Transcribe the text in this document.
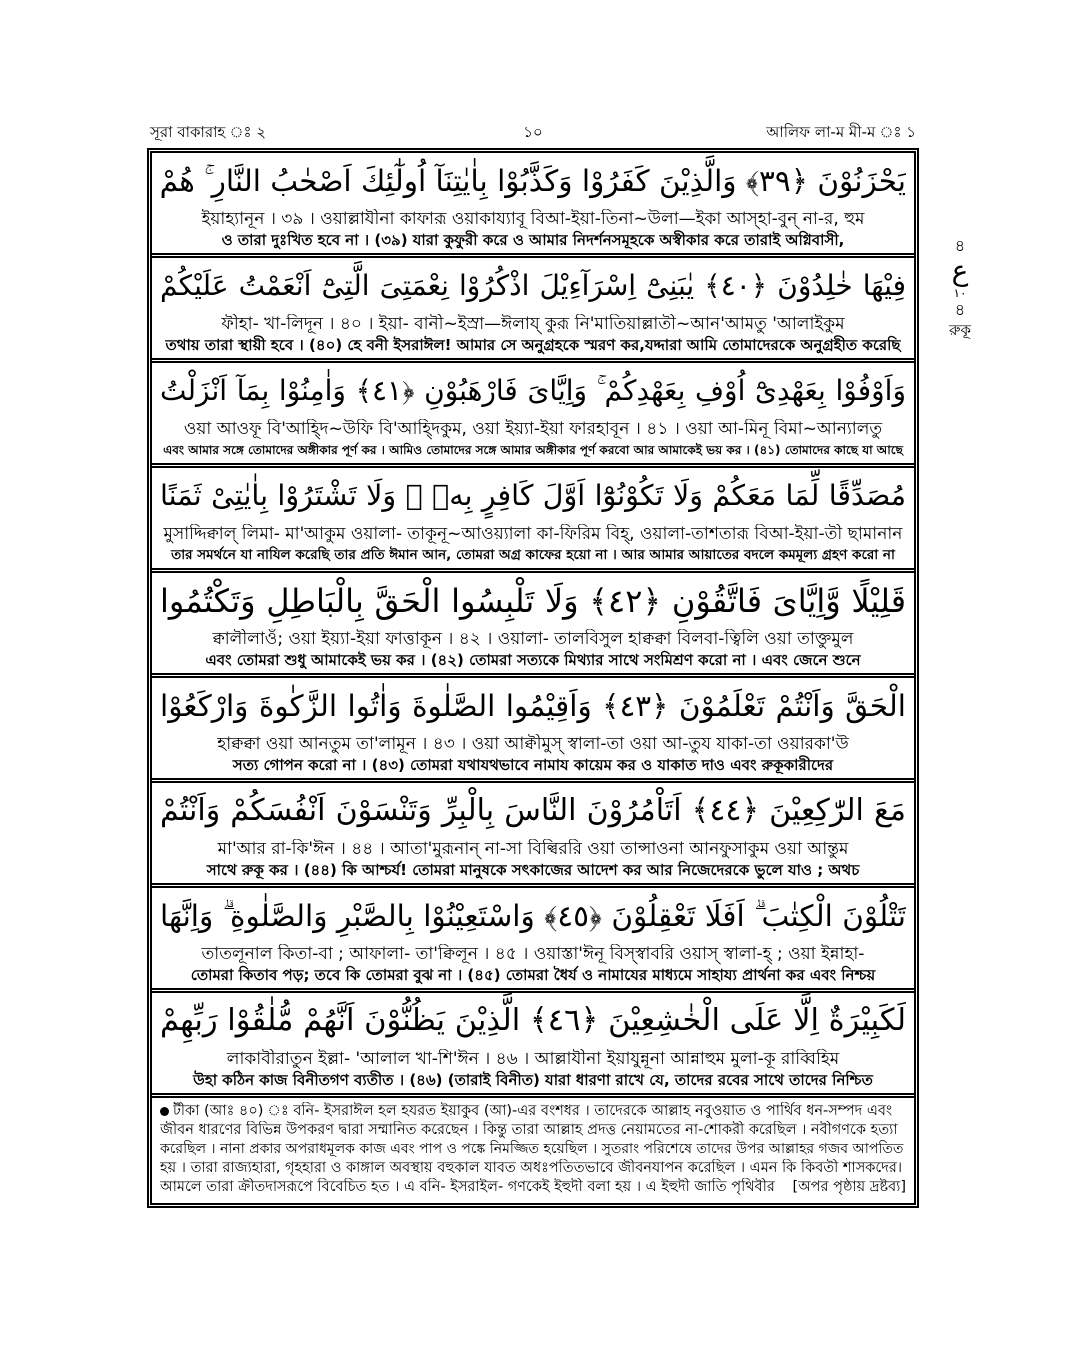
সূরা বাকারাহ ঃ ২	১০	আলিফ লা-ম মী-ম ঃ ১
يَحْزَنُوْنَ ﴿٣٩﴾ وَالَّذِيْنَ كَفَرُوْا وَكَذَّبُوْا بِاٰيٰتِنَآ اُولٰٓئِكَ اَصْحٰبُ النَّارِ ۚ هُمْ
ইয়াহ্যানূন । ৩৯ । ওয়াল্লাযীনা কাফারূ ওয়াকায্যাবূ বিআ-ইয়া-তিনা~উলা—ইকা আস্হা-বুন্ না-র, হুম
ও তারা দুঃখিত হবে না । (৩৯) যারা কুফুরী করে ও আমার নিদর্শনসমূহকে অস্বীকার করে তারাই অগ্নিবাসী,
فِيْهَا خٰلِدُوْنَ ﴿٤٠﴾ يٰبَنِىْٓ اِسْرَآءِيْلَ اذْكُرُوْا نِعْمَتِىَ الَّتِىْٓ اَنْعَمْتُ عَلَيْكُمْ
ফীহা- খা-লিদূন । ৪০ । ইয়া- বানী~ইস্রা—ঈলায্ কুরূ নি'মাতিয়াল্লাতী~আন'আমতু 'আলাইকুম
তথায় তারা স্থায়ী হবে । (৪০) হে বনী ইসরাঈল! আমার সে অনুগ্রহকে স্মরণ কর,যদ্দারা আমি তোমাদেরকে অনুগ্রহীত করেছি
وَاَوْفُوْا بِعَهْدِىْٓ اُوْفِ بِعَهْدِكُمْ ۚ وَاِيَّاىَ فَارْهَبُوْنِ ﴿٤١﴾ وَاٰمِنُوْا بِمَآ اَنْزَلْتُ
ওয়া আওফূ বি'আহ্দি~উফি বি'আহ্দিকুম, ওয়া ইয়্যা-ইয়া ফারহাবূন । ৪১ । ওয়া আ-মিনূ বিমা~আন্যালতু
এবং আমার সঙ্গে তোমাদের অঙ্গীকার পূর্ণ কর । আমিও তোমাদের সঙ্গে আমার অঙ্গীকার পূর্ণ করবো আর আমাকেই ভয় কর । (৪১) তোমাদের কাছে যা আছে
مُصَدِّقًا لِّمَا مَعَكُمْ وَلَا تَكُوْنُوْٓا اَوَّلَ كَافِرٍ بِهٖ ۖ وَلَا تَشْتَرُوْا بِاٰيٰتِىْ ثَمَنًا
মুসাদ্দিক্বাল্ লিমা- মা'আকুম ওয়ালা- তাকূনূ~আওয়্যালা কা-ফিরিম বিহ্, ওয়ালা-তাশতারূ বিআ-ইয়া-তী ছামানান
তার সমর্থনে যা নাযিল করেছি তার প্রতি ঈমান আন, তোমরা অগ্র কাফের হয়ো না । আর আমার আয়াতের বদলে কমমূল্য গ্রহণ করো না
قَلِيْلًا وَّاِيَّاىَ فَاتَّقُوْنِ ﴿٤٢﴾ وَلَا تَلْبِسُوا الْحَقَّ بِالْبَاطِلِ وَتَكْتُمُوا
ক্বালীলাওঁ; ওয়া ইয়্যা-ইয়া ফাত্তাকূন । ৪২ । ওয়ালা- তালবিসুল হাক্বক্বা বিলবা-ত্বিলি ওয়া তাক্তুমুল
এবং তোমরা শুধু আমাকেই ভয় কর । (৪২) তোমরা সত্যকে মিথ্যার সাথে সংমিশ্রণ করো না । এবং জেনে শুনে
الْحَقَّ وَاَنْتُمْ تَعْلَمُوْنَ ﴿٤٣﴾ وَاَقِيْمُوا الصَّلٰوةَ وَاٰتُوا الزَّكٰوةَ وَارْكَعُوْا
হাক্বক্বা ওয়া আনতুম তা'লামূন । ৪৩ । ওয়া আক্বীমুস্ স্বালা-তা ওয়া আ-তুয যাকা-তা ওয়ারকা'উ
সত্য গোপন করো না । (৪৩) তোমরা যথাযথভাবে নামায কায়েম কর ও যাকাত দাও এবং রুকূকারীদের
مَعَ الرّٰكِعِيْنَ ﴿٤٤﴾ اَتَاْمُرُوْنَ النَّاسَ بِالْبِرِّ وَتَنْسَوْنَ اَنْفُسَكُمْ وَاَنْتُمْ
মা'আর রা-কি'ঈন । ৪৪ । আতা'মুরূনান্ না-সা বিল্বিররি ওয়া তান্সাওনা আনফুসাকুম ওয়া আন্তুম
সাথে রুকূ কর । (৪৪) কি আশ্চর্য! তোমরা মানুষকে সৎকাজের আদেশ কর আর নিজেদেরকে ভুলে যাও ; অথচ
تَتْلُوْنَ الْكِتٰبَ ۗ اَفَلَا تَعْقِلُوْنَ ﴿٤٥﴾ وَاسْتَعِيْنُوْا بِالصَّبْرِ وَالصَّلٰوةِ ۗ وَاِنَّهَا
তাতলূনাল কিতা-বা ; আফালা- তা'ক্বিলূন । ৪৫ । ওয়াস্তা'ঈনূ বিস্স্বাবরি ওয়াস্ স্বালা-হ্ ; ওয়া ইন্নাহা-
তোমরা কিতাব পড়; তবে কি তোমরা বুঝ না । (৪৫) তোমরা ধৈর্য ও নামাযের মাধ্যমে সাহায্য প্রার্থনা কর এবং নিশ্চয়
لَكَبِيْرَةٌ اِلَّا عَلَى الْخٰشِعِيْنَ ﴿٤٦﴾ الَّذِيْنَ يَظُنُّوْنَ اَنَّهُمْ مُّلٰقُوْا رَبِّهِمْ
লাকাবীরাতুন ইল্লা- 'আলাল খা-শি'ঈন । ৪৬ । আল্লাযীনা ইয়াযুন্নূনা আন্নাহুম মুলা-কূ রাব্বিহিম
উহা কঠিন কাজ বিনীতগণ ব্যতীত । (৪৬) (তারাই বিনীত) যারা ধারণা রাখে যে, তাদের রবের সাথে তাদের নিশ্চিত
টীকা (আঃ ৪০) ঃ বনি- ইসরাঈল হল হযরত ইয়াকুব (আ)-এর বংশধর । তাদেরকে আল্লাহ নবুওয়াত ও পার্থিব ধন-সম্পদ এবং
জীবন ধারণের বিভিন্ন উপকরণ দ্বারা সম্মানিত করেছেন । কিন্তু তারা আল্লাহ প্রদত্ত নেয়ামতের না-শোকরী করেছিল । নবীগণকে হত্যা
করেছিল । নানা প্রকার অপরাধমূলক কাজ এবং পাপ ও পঙ্কে নিমজ্জিত হয়েছিল । সুতরাং পরিশেষে তাদের উপর আল্লাহর গজব আপতিত
হয় । তারা রাজ্যহারা, গৃহহারা ও কাঙ্গাল অবস্থায় বহুকাল যাবত অধঃপতিতভাবে জীবনযাপন করেছিল । এমন কি কিবতী শাসকদের।
আমলে তারা ক্রীতদাসরূপে বিবেচিত হত । এ বনি- ইসরাইল- গণকেই ইহুদী বলা হয় । এ ইহুদী জাতি পৃথিবীর	[অপর পৃষ্ঠায় দ্রষ্টব্য]
৪
ع
١٠
৪
রুকূ
